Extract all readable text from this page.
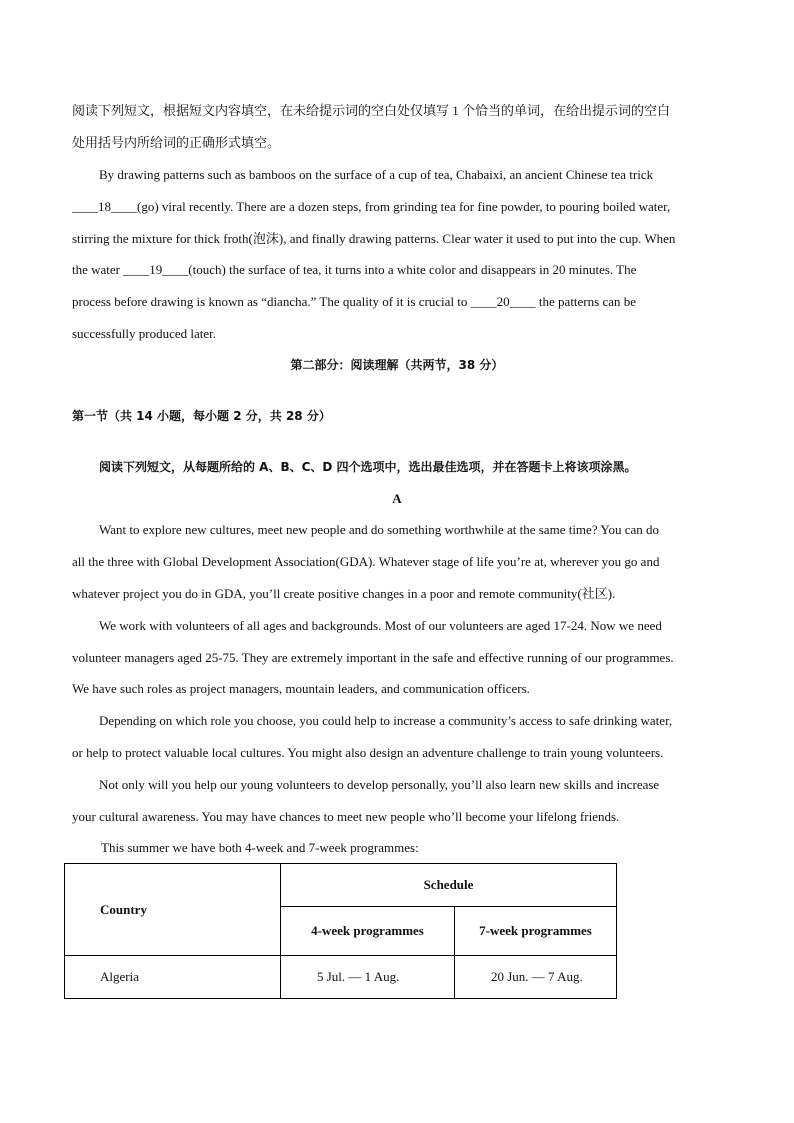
阅读下列短文，根据短文内容填空，在未给提示词的空白处仅填写 1 个恰当的单词，在给出提示词的空白
处用括号内所给词的正确形式填空。
By drawing patterns such as bamboos on the surface of a cup of tea, Chabaixi, an ancient Chinese tea trick
____18____(go) viral recently. There are a dozen steps, from grinding tea for fine powder, to pouring boiled water,
stirring the mixture for thick froth(泡沫), and finally drawing patterns. Clear water it used to put into the cup. When
the water ____19____(touch) the surface of tea, it turns into a white color and disappears in 20 minutes. The
process before drawing is known as “diancha.” The quality of it is crucial to ____20____ the patterns can be
successfully produced later.
第二部分：阅读理解（共两节，38 分）
第一节（共 14 小题，每小题 2 分，共 28 分）
阅读下列短文，从每题所给的 A、B、C、D 四个选项中，选出最佳选项，并在答题卡上将该项涂黑。
A
Want to explore new cultures, meet new people and do something worthwhile at the same time? You can do
all the three with Global Development Association(GDA). Whatever stage of life you’re at, wherever you go and
whatever project you do in GDA, you’ll create positive changes in a poor and remote community(社区).
We work with volunteers of all ages and backgrounds. Most of our volunteers are aged 17-24. Now we need
volunteer managers aged 25-75. They are extremely important in the safe and effective running of our programmes.
We have such roles as project managers, mountain leaders, and communication officers.
Depending on which role you choose, you could help to increase a community’s access to safe drinking water,
or help to protect valuable local cultures. You might also design an adventure challenge to train young volunteers.
Not only will you help our young volunteers to develop personally, you’ll also learn new skills and increase
your cultural awareness. You may have chances to meet new people who’ll become your lifelong friends.
This summer we have both 4-week and 7-week programmes:
Country	Schedule	
	4-week programmes	7-week programmes
Algeria	5 Jul. — 1 Aug.	20 Jun. — 7 Aug.
